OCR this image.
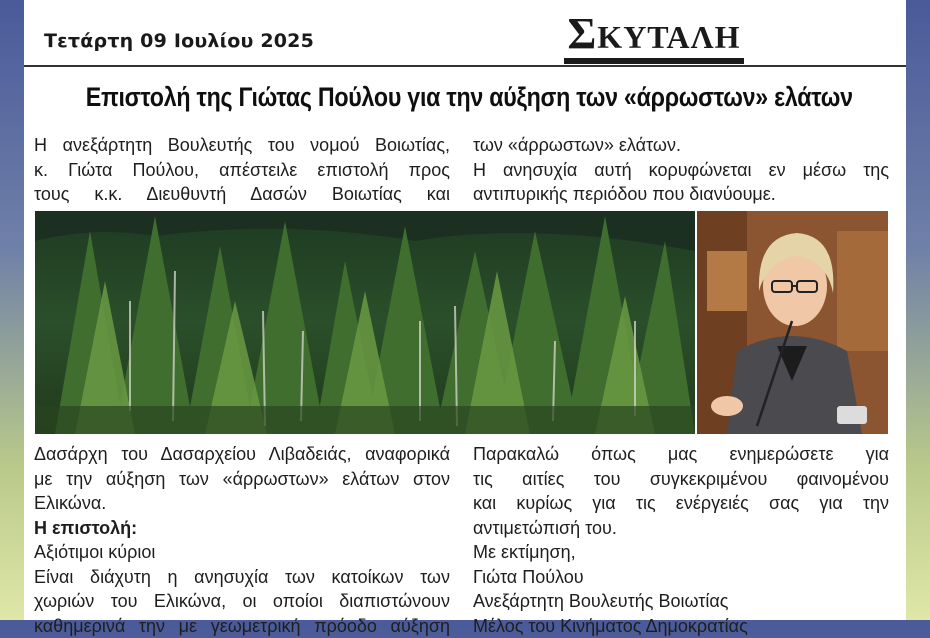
Τετάρτη 09 Ιουλίου 2025	ΣΚΥΤΑΛΗ
Επιστολή της Γιώτας Πούλου για την αύξηση των «άρρωστων» ελάτων

Η ανεξάρτητη Βουλευτής του νομού Βοιωτίας,

κ. Γιώτα Πούλου, απέστειλε επιστολή προς

τους κ.κ. Διευθυντή Δασών Βοιωτίας και

των «άρρωστων» ελάτων.

Η ανησυχία αυτή κορυφώνεται εν μέσω της

αντιπυρικής περιόδου που διανύουμε.

Δασάρχη του Δασαρχείου Λιβαδειάς, αναφορικά

με την αύξηση των «άρρωστων» ελάτων στον

Ελικώνα.

Η επιστολή:

Αξιότιμοι κύριοι

Είναι διάχυτη η ανησυχία των κατοίκων των

χωριών του Ελικώνα, οι οποίοι διαπιστώνουν

καθημερινά την με γεωμετρική πρόοδο αύξηση

Παρακαλώ όπως μας ενημερώσετε για

τις αιτίες του συγκεκριμένου φαινομένου

και κυρίως για τις ενέργειές σας για την

αντιμετώπισή του.

Με εκτίμηση,

Γιώτα Πούλου

Ανεξάρτητη Βουλευτής Βοιωτίας

Μέλος του Κινήματος Δημοκρατίας
